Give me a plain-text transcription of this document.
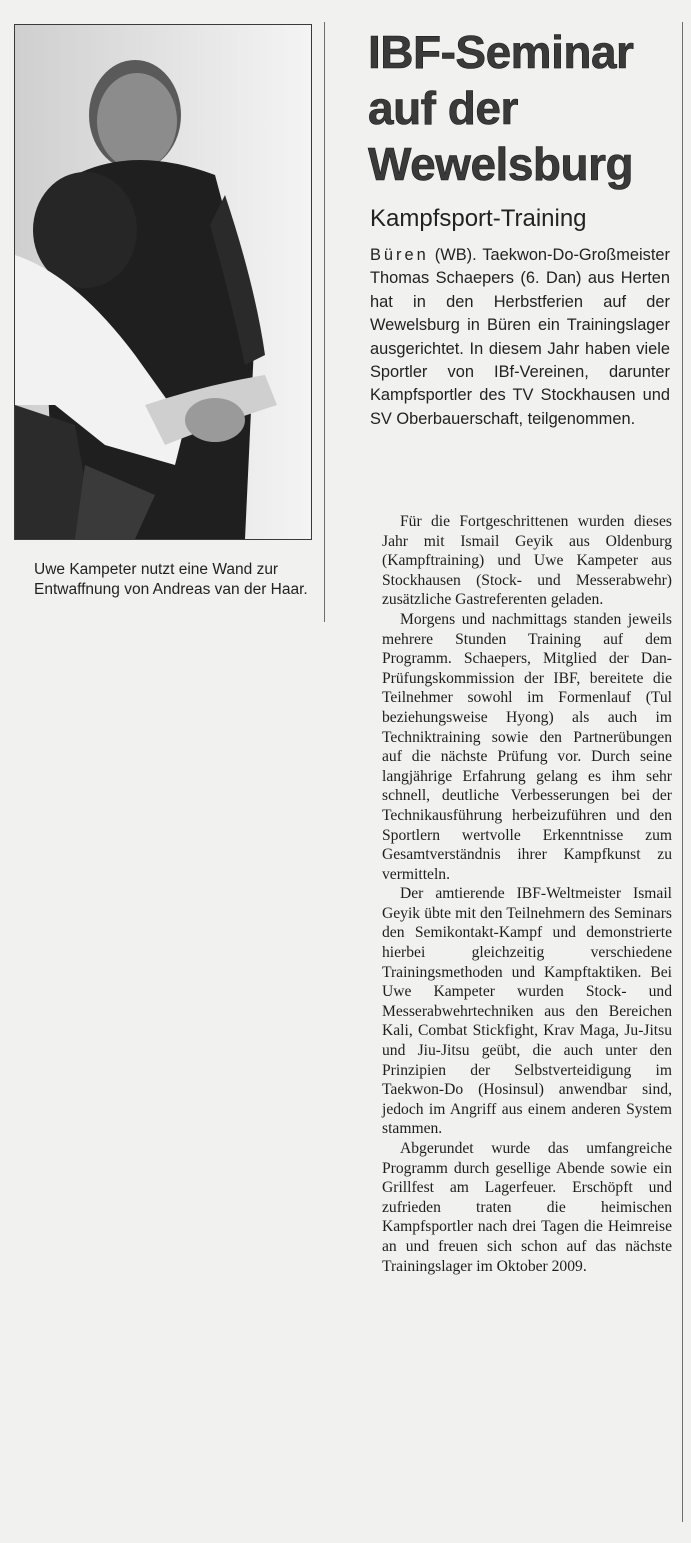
Uwe Kampeter nutzt eine Wand zur Entwaffnung von Andreas van der Haar.
IBF-Seminar auf der Wewelsburg
Kampfsport-Training
Büren (WB). Taekwon-Do-Großmeister Thomas Schaepers (6. Dan) aus Herten hat in den Herbstferien auf der Wewelsburg in Büren ein Trainingslager ausgerichtet. In diesem Jahr haben viele Sportler von IBf-Vereinen, darunter Kampfsportler des TV Stockhausen und SV Oberbauerschaft, teilgenommen.

Für die Fortgeschrittenen wurden dieses Jahr mit Ismail Geyik aus Oldenburg (Kampftraining) und Uwe Kampeter aus Stockhausen (Stock- und Messerabwehr) zusätzliche Gastreferenten geladen.

Morgens und nachmittags standen jeweils mehrere Stunden Training auf dem Programm. Schaepers, Mitglied der Dan-Prüfungskommission der IBF, bereitete die Teilnehmer sowohl im Formenlauf (Tul beziehungsweise Hyong) als auch im Techniktraining sowie den Partnerübungen auf die nächste Prüfung vor. Durch seine langjährige Erfahrung gelang es ihm sehr schnell, deutliche Verbesserungen bei der Technikausführung herbeizuführen und den Sportlern wertvolle Erkenntnisse zum Gesamtverständnis ihrer Kampfkunst zu vermitteln.

Der amtierende IBF-Weltmeister Ismail Geyik übte mit den Teilnehmern des Seminars den Semikontakt-Kampf und demonstrierte hierbei gleichzeitig verschiedene Trainingsmethoden und Kampftaktiken. Bei Uwe Kampeter wurden Stock- und Messerabwehrtechniken aus den Bereichen Kali, Combat Stickfight, Krav Maga, Ju-Jitsu und Jiu-Jitsu geübt, die auch unter den Prinzipien der Selbstverteidigung im Taekwon-Do (Hosinsul) anwendbar sind, jedoch im Angriff aus einem anderen System stammen.

Abgerundet wurde das umfangreiche Programm durch gesellige Abende sowie ein Grillfest am Lagerfeuer. Erschöpft und zufrieden traten die heimischen Kampfsportler nach drei Tagen die Heimreise an und freuen sich schon auf das nächste Trainingslager im Oktober 2009.
